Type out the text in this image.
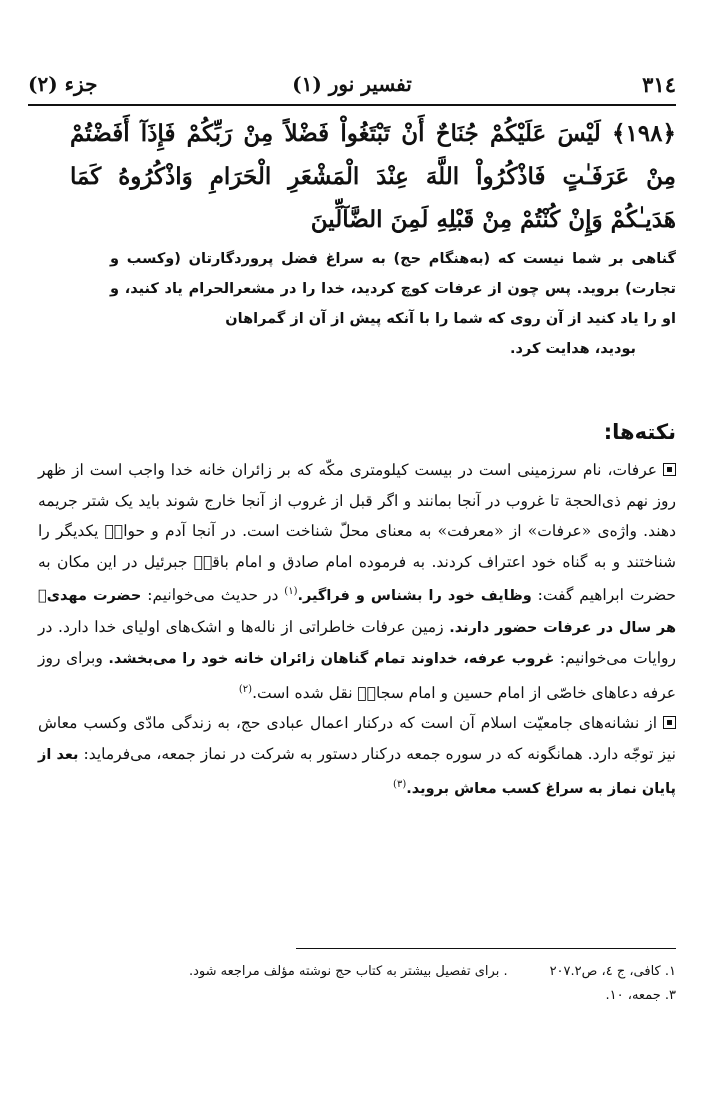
۳۱٤
تفسیر نور (۱)
جزء (۲)
﴿۱۹۸﴾ لَيْسَ عَلَيْكُمْ جُنَاحٌ أَنْ تَبْتَغُواْ فَضْلاً مِنْ رَبِّكُمْ فَإِذَآ أَفَضْتُمْ مِنْ عَرَفَـٰتٍ فَاذْكُرُواْ اللَّهَ عِنْدَ الْمَشْعَرِ الْحَرَامِ وَاذْكُرُوهُ كَمَا هَدَيـٰكُمْ وَإِنْ كُنْتُمْ مِنْ قَبْلِهِ لَمِنَ الضَّآلِّينَ
گناهی بر شما نیست که (به‌هنگام حج) به سراغ فضل پروردگارتان (وکسب و تجارت) بروید. پس چون از عرفات کوچ کردید، خدا را در مشعرالحرام یاد کنید، و او را یاد کنید از آن روی که شما را با آنکه پیش از آن از گمراهان
بودید، هدایت کرد.
نکته‌ها:

عرفات، نام سرزمینی است در بیست کیلومتری مکّه که بر زائران خانه خدا واجب است از ظهر روز نهم ذی‌الحجة تا غروب در آنجا بمانند و اگر قبل از غروب از آنجا خارج شوند باید یک شتر جریمه دهند. واژه‌ی «عرفات» از «معرفت» به معنای محلّ شناخت است. در آنجا آدم و حواءؑ یکدیگر را شناختند و به گناه خود اعتراف کردند. به فرموده امام صادق و امام باقرؑ جبرئیل در این مکان به حضرت ابراهیم گفت: وظایف خود را بشناس و فراگیر.$^{(۱)}$ در حدیث می‌خوانیم: حضرت مهدیؑ هر سال در عرفات حضور دارند. زمین عرفات خاطراتی از ناله‌ها و اشک‌های اولیای خدا دارد. در روایات می‌خوانیم: غروب عرفه، خداوند تمام گناهان زائران خانه خود را می‌بخشد. وبرای روز عرفه دعاهای خاصّی از امام حسین و امام سجادؑ نقل شده است.$^{(۲)}$

از نشانه‌های جامعیّت اسلام آن است که درکنار اعمال عبادی حج، به زندگی مادّی وکسب معاش نیز توجّه دارد. همانگونه که در سوره جمعه درکنار دستور به شرکت در نماز جمعه، می‌فرماید: بعد از پایان نماز به سراغ کسب معاش بروید.$^{(۳)}$

۱. کافی، ج ٤، ص۲۰۷.۲. برای تفصیل بیشتر به کتاب حج نوشته مؤلف مراجعه شود.
۳. جمعه، ۱۰.
